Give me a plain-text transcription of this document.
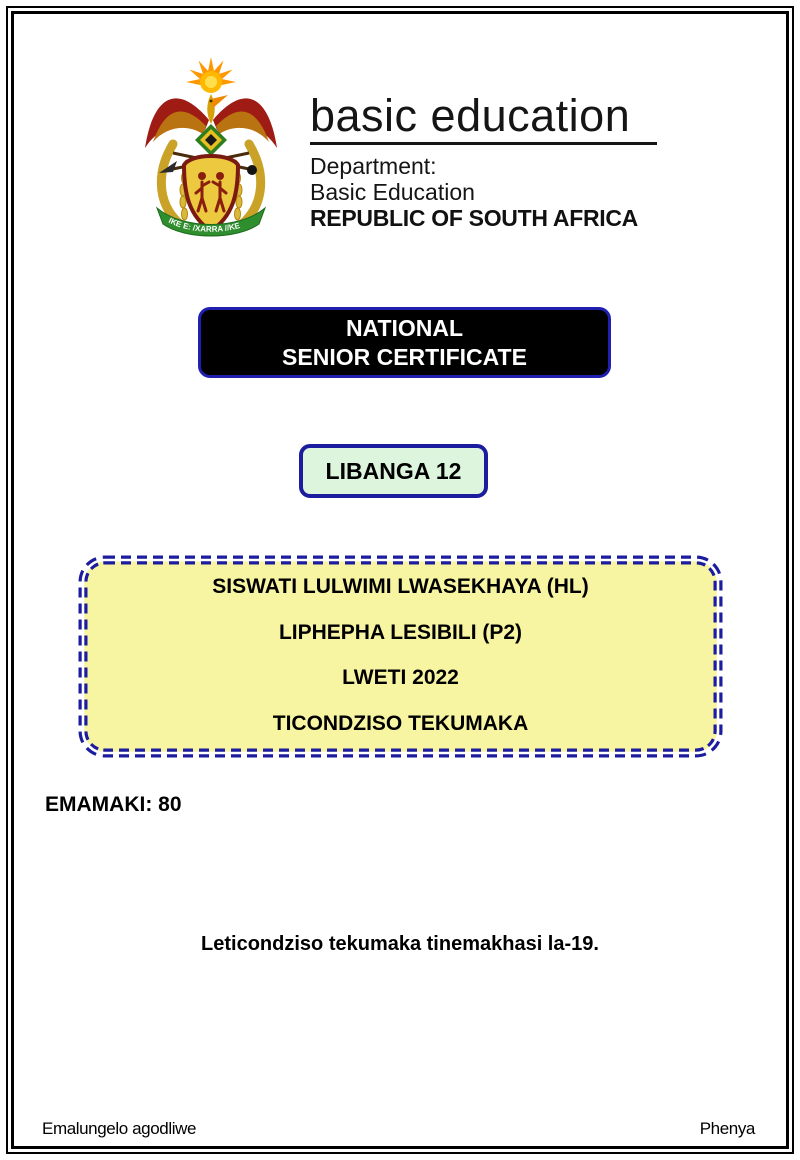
IKE E: /XARRA //KE
basic education
Department:
Basic Education
REPUBLIC OF SOUTH AFRICA
NATIONAL
SENIOR CERTIFICATE
LIBANGA 12
SISWATI LULWIMI LWASEKHAYA (HL)
LIPHEPHA LESIBILI (P2)
LWETI 2022
TICONDZISO TEKUMAKA
EMAMAKI: 80
Leticondziso tekumaka tinemakhasi la-19.
Emalungelo agodliwe	Phenya
